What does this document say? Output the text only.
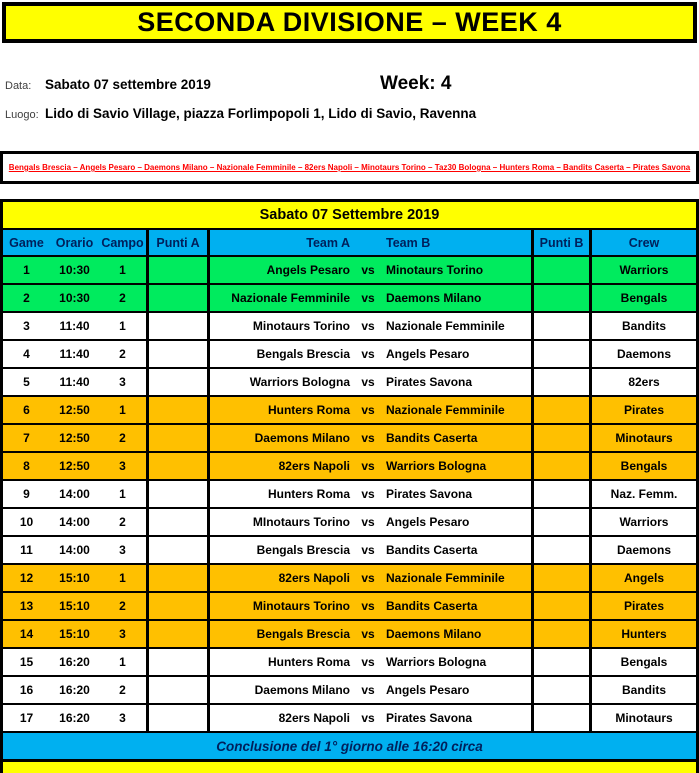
SECONDA DIVISIONE – WEEK 4
Data:	Sabato 07 settembre 2019	Week: 4
Luogo: Lido di Savio Village, piazza Forlimpopoli 1, Lido di Savio, Ravenna
Bengals Brescia – Angels Pesaro – Daemons Milano – Nazionale Femminile – 82ers Napoli – Minotaurs Torino – Taz30 Bologna – Hunters Roma – Bandits Caserta – Pirates Savona
Sabato 07 Settembre 2019
Game Orario Campo	Punti A	Team A	Team B	Punti B	Crew
1	10:30	1	Angels Pesaro vs Minotaurs Torino	Warriors
2	10:30	2	Nazionale Femminile vs Daemons Milano	Bengals
3	11:40	1	Minotaurs Torino vs Nazionale Femminile	Bandits
4	11:40	2	Bengals Brescia vs Angels Pesaro	Daemons
5	11:40	3	Warriors Bologna vs Pirates Savona	82ers
6	12:50	1	Hunters Roma vs Nazionale Femminile	Pirates
7	12:50	2	Daemons Milano vs Bandits Caserta	Minotaurs
8	12:50	3	82ers Napoli vs Warriors Bologna	Bengals
9	14:00	1	Hunters Roma vs Pirates Savona	Naz. Femm.
10	14:00	2	MInotaurs Torino vs Angels Pesaro	Warriors
11	14:00	3	Bengals Brescia vs Bandits Caserta	Daemons
12	15:10	1	82ers Napoli vs Nazionale Femminile	Angels
13	15:10	2	Minotaurs Torino vs Bandits Caserta	Pirates
14	15:10	3	Bengals Brescia vs Daemons Milano	Hunters
15	16:20	1	Hunters Roma vs Warriors Bologna	Bengals
16	16:20	2	Daemons Milano vs Angels Pesaro	Bandits
17	16:20	3	82ers Napoli vs Pirates Savona	Minotaurs
Conclusione del 1° giorno alle 16:20 circa
